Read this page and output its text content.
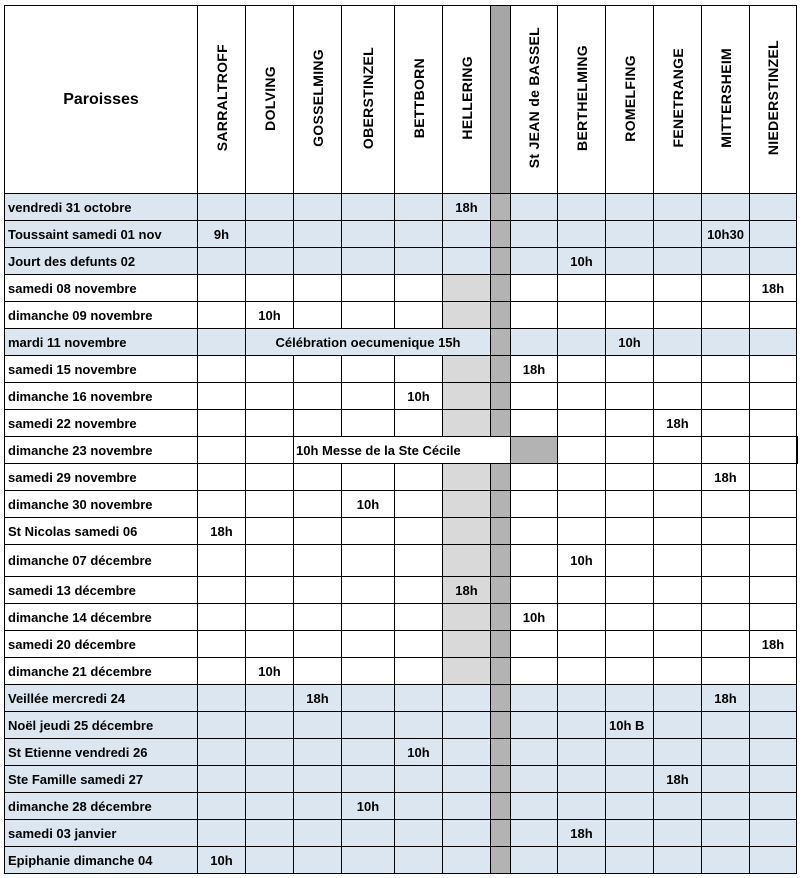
Paroisses	SARRALTROFF	DOLVING	GOSSELMING	OBERSTINZEL	BETTBORN	HELLERING		St JEAN de BASSEL	BERTHELMING	ROMELFING	FENETRANGE	MITTERSHEIM	NIEDERSTINZEL	
vendredi 31 octobre						18h								
Toussaint samedi 01 nov	9h											10h30		
Jourt des defunts 02									10h					
samedi 08 novembre													18h	
dimanche 09 novembre		10h												
mardi 11 novembre		Célébration oecumenique 15h								10h				
samedi 15 novembre								18h						
dimanche 16 novembre					10h									
samedi 22 novembre											18h			
dimanche 23 novembre			10h Messe de la Ste Cécile											
samedi 29 novembre												18h		
dimanche 30 novembre				10h										
St Nicolas samedi 06	18h													
dimanche 07 décembre									10h					
samedi 13 décembre						18h								
dimanche 14 décembre								10h						
samedi 20 décembre													18h	
dimanche 21 décembre		10h												
Veillée mercredi 24			18h									18h		
Noël jeudi 25 décembre										10h B				
St Etienne vendredi 26					10h									
Ste Famille samedi 27											18h			
dimanche 28 décembre				10h										
samedi 03 janvier									18h					
Epiphanie dimanche 04	10h													
